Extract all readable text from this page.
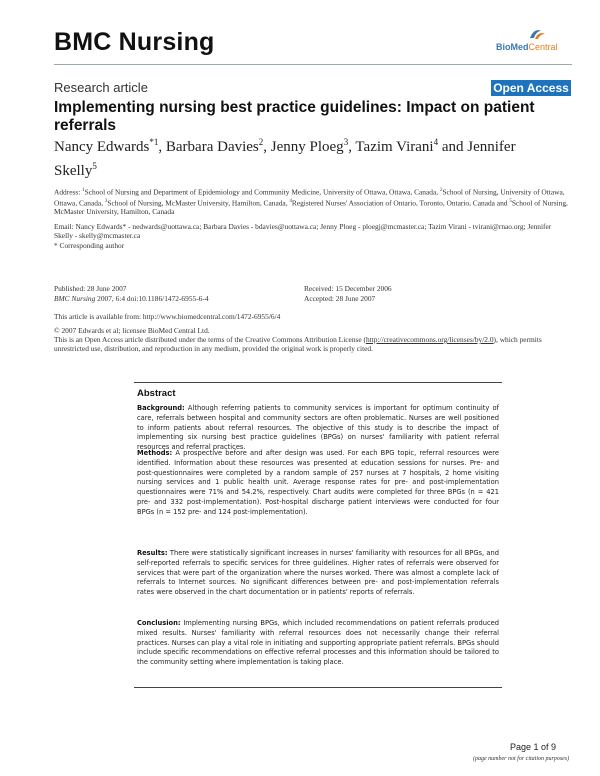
BMC Nursing	BioMedCentral
Research article	Open Access
Implementing nursing best practice guidelines: Impact on patient referrals
Nancy Edwards$^{*1}$, Barbara Davies$^2$, Jenny Ploeg$^3$, Tazim Virani$^4$ and Jennifer Skelly$^5$
Address: $^1$School of Nursing and Department of Epidemiology and Community Medicine, University of Ottawa, Ottawa, Canada, $^2$School of Nursing, University of Ottawa, Ottawa, Canada, $^3$School of Nursing, McMaster University, Hamilton, Canada, $^4$Registered Nurses' Association of Ontario, Toronto, Ontario, Canada and $^5$School of Nursing, McMaster University, Hamilton, Canada
Email: Nancy Edwards* - nedwards@uottawa.ca; Barbara Davies - bdavies@uottawa.ca; Jenny Ploeg - ploegj@mcmaster.ca; Tazim Virani - tvirani@rnao.org; Jennifer Skelly - skelly@mcmaster.ca
* Corresponding author
Published: 28 June 2007
BMC Nursing 2007, 6:4 doi:10.1186/1472-6955-6-4
Received: 15 December 2006
Accepted: 28 June 2007
This article is available from: http://www.biomedcentral.com/1472-6955/6/4
© 2007 Edwards et al; licensee BioMed Central Ltd.
This is an Open Access article distributed under the terms of the Creative Commons Attribution License (http://creativecommons.org/licenses/by/2.0), which permits unrestricted use, distribution, and reproduction in any medium, provided the original work is properly cited.
Abstract
Background: Although referring patients to community services is important for optimum continuity of care, referrals between hospital and community sectors are often problematic. Nurses are well positioned to inform patients about referral resources. The objective of this study is to describe the impact of implementing six nursing best practice guidelines (BPGs) on nurses' familiarity with patient referral resources and referral practices.
Methods: A prospective before and after design was used. For each BPG topic, referral resources were identified. Information about these resources was presented at education sessions for nurses. Pre- and post-questionnaires were completed by a random sample of 257 nurses at 7 hospitals, 2 home visiting nursing services and 1 public health unit. Average response rates for pre- and post-implementation questionnaires were 71% and 54.2%, respectively. Chart audits were completed for three BPGs (n = 421 pre- and 332 post-implementation). Post-hospital discharge patient interviews were conducted for four BPGs (n = 152 pre- and 124 post-implementation).
Results: There were statistically significant increases in nurses' familiarity with resources for all BPGs, and self-reported referrals to specific services for three guidelines. Higher rates of referrals were observed for services that were part of the organization where the nurses worked. There was almost a complete lack of referrals to Internet sources. No significant differences between pre- and post-implementation referrals rates were observed in the chart documentation or in patients' reports of referrals.
Conclusion: Implementing nursing BPGs, which included recommendations on patient referrals produced mixed results. Nurses' familiarity with referral resources does not necessarily change their referral practices. Nurses can play a vital role in initiating and supporting appropriate patient referrals. BPGs should include specific recommendations on effective referral processes and this information should be tailored to the community setting where implementation is taking place.
Page 1 of 9
(page number not for citation purposes)
